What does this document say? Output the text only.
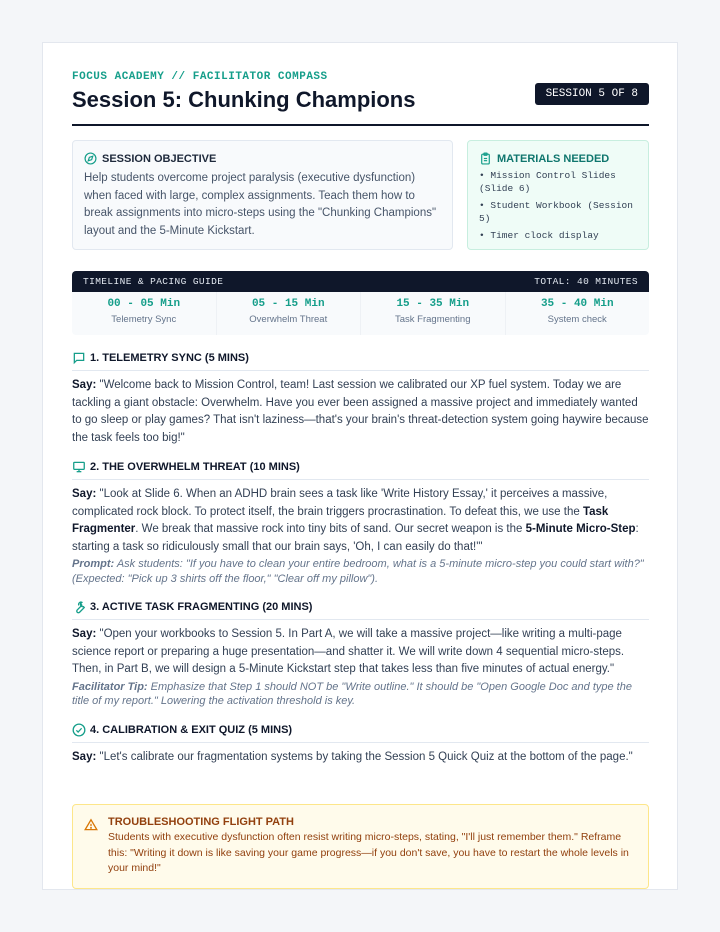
FOCUS ACADEMY // FACILITATOR COMPASS
Session 5: Chunking Champions	SESSION 5 OF 8
SESSION OBJECTIVE
Help students overcome project paralysis (executive dysfunction) when faced with large, complex assignments. Teach them how to break assignments into micro-steps using the "Chunking Champions" layout and the 5-Minute Kickstart.
MATERIALS NEEDED
• Mission Control Slides (Slide 6)
• Student Workbook (Session 5)
• Timer clock display
TIMELINE & PACING GUIDE	TOTAL: 40 MINUTES
00 - 05 Min
Telemetry Sync
05 - 15 Min
Overwhelm Threat
15 - 35 Min
Task Fragmenting
35 - 40 Min
System check
1. TELEMETRY SYNC (5 MINS)
Say: "Welcome back to Mission Control, team! Last session we calibrated our XP fuel system. Today we are tackling a giant obstacle: Overwhelm. Have you ever been assigned a massive project and immediately wanted to go sleep or play games? That isn't laziness—that's your brain's threat-detection system going haywire because the task feels too big!"
2. THE OVERWHELM THREAT (10 MINS)
Say: "Look at Slide 6. When an ADHD brain sees a task like 'Write History Essay,' it perceives a massive, complicated rock block. To protect itself, the brain triggers procrastination. To defeat this, we use the Task Fragmenter. We break that massive rock into tiny bits of sand. Our secret weapon is the 5-Minute Micro-Step: starting a task so ridiculously small that our brain says, 'Oh, I can easily do that!'"
Prompt: Ask students: "If you have to clean your entire bedroom, what is a 5-minute micro-step you could start with?" (Expected: "Pick up 3 shirts off the floor," "Clear off my pillow").
3. ACTIVE TASK FRAGMENTING (20 MINS)
Say: "Open your workbooks to Session 5. In Part A, we will take a massive project—like writing a multi-page science report or preparing a huge presentation—and shatter it. We will write down 4 sequential micro-steps. Then, in Part B, we will design a 5-Minute Kickstart step that takes less than five minutes of actual energy."
Facilitator Tip: Emphasize that Step 1 should NOT be "Write outline." It should be "Open Google Doc and type the title of my report." Lowering the activation threshold is key.
4. CALIBRATION & EXIT QUIZ (5 MINS)
Say: "Let's calibrate our fragmentation systems by taking the Session 5 Quick Quiz at the bottom of the page."
TROUBLESHOOTING FLIGHT PATH
Students with executive dysfunction often resist writing micro-steps, stating, "I'll just remember them." Reframe this: "Writing it down is like saving your game progress—if you don't save, you have to restart the whole levels in your mind!"
